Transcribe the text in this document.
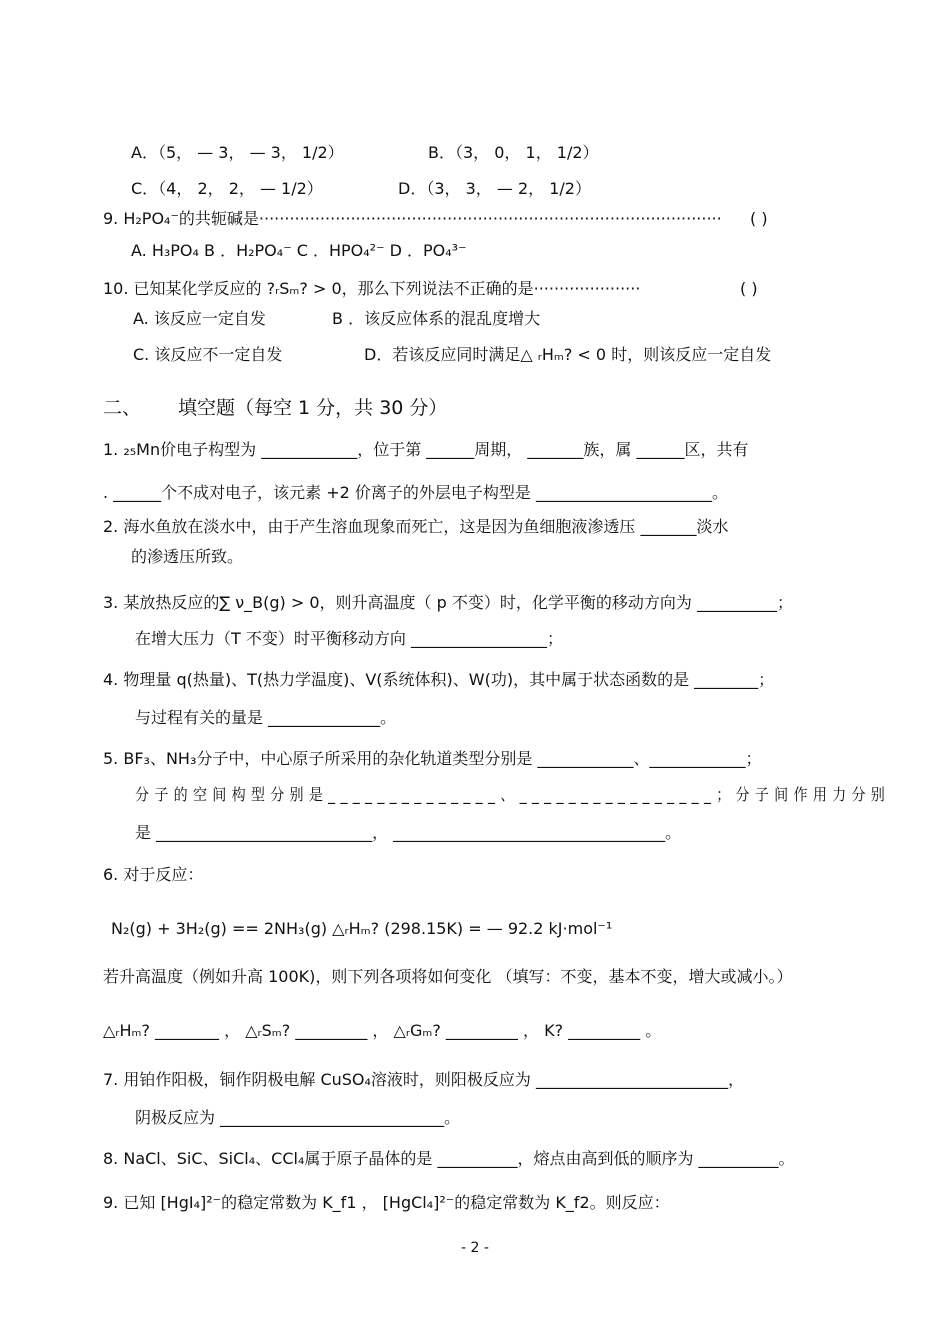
A．（5， — 3， — 3， 1/2）	B．（3， 0， 1， 1/2）
C．（4， 2， 2， — 1/2）	D．（3， 3， — 2， 1/2）
9. H₂PO₄⁻的共轭碱是··························································································· ( )
A. H₃PO₄ B ．H₂PO₄⁻ C ．HPO₄²⁻ D ．PO₄³⁻
10. 已知某化学反应的 ?ᵣSₘ? > 0，那么下列说法不正确的是·····················	( )
A. 该反应一定自发	B ．该反应体系的混乱度增大
C. 该反应不一定自发	D．若该反应同时满足△ ᵣHₘ? < 0 时，则该反应一定自发
二、 填空题（每空 1 分，共 30 分）
1. ₂₅Mn价电子构型为 ____________，位于第 ______周期， _______族，属 ______区，共有
. ______个不成对电子，该元素 +2 价离子的外层电子构型是 ______________________。
2. 海水鱼放在淡水中，由于产生溶血现象而死亡，这是因为鱼细胞液渗透压 _______淡水
的渗透压所致。
3. 某放热反应的∑ ν_B(g) > 0，则升高温度（ p 不变）时，化学平衡的移动方向为 __________；
在增大压力（T 不变）时平衡移动方向 _________________；
4. 物理量 q(热量)、T(热力学温度)、V(系统体积)、W(功)，其中属于状态函数的是 ________；
与过程有关的量是 ______________。
5. BF₃、NH₃分子中，中心原子所采用的杂化轨道类型分别是 ____________、____________；
分子的空间构型分别是______________、________________；分子间作用力分别
是 ___________________________， __________________________________。
6. 对于反应：
N₂(g) + 3H₂(g) == 2NH₃(g) △ᵣHₘ? (298.15K) = — 92.2 kJ·mol⁻¹
若升高温度（例如升高 100K)，则下列各项将如何变化 （填写：不变，基本不变，增大或减小。）
△ᵣHₘ? ________ ， △ᵣSₘ? _________ ， △ᵣGₘ? _________ ， K? _________ 。
7. 用铂作阳极，铜作阴极电解 CuSO₄溶液时，则阳极反应为 ________________________，
阴极反应为 ____________________________。
8. NaCl、SiC、SiCl₄、CCl₄属于原子晶体的是 __________，熔点由高到低的顺序为 __________。
9. 已知 [HgI₄]²⁻的稳定常数为 K_f1 ， [HgCl₄]²⁻的稳定常数为 K_f2。则反应：
- 2 -
